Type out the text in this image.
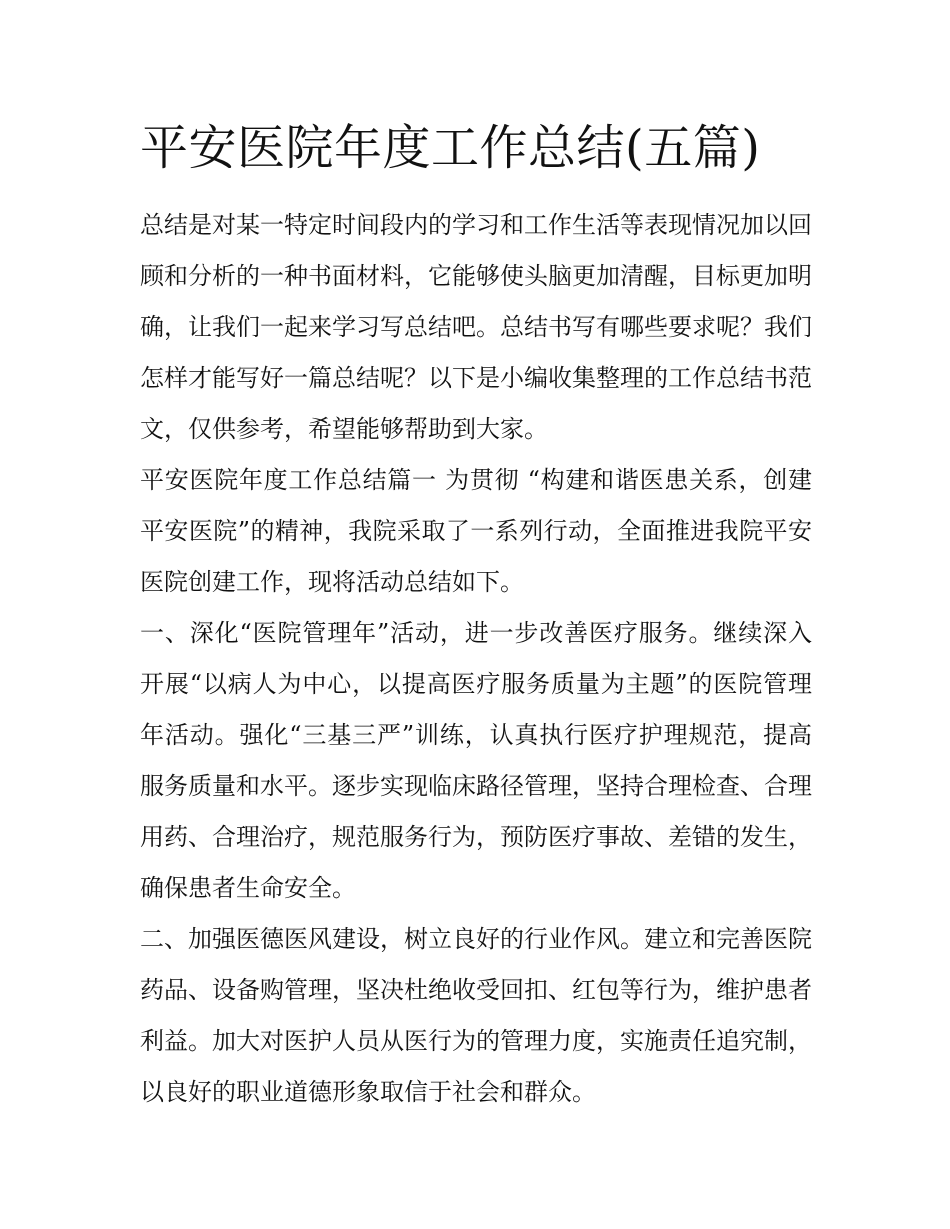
平安医院年度工作总结(五篇)

总结是对某一特定时间段内的学习和工作生活等表现情况加以回顾和分析的一种书面材料，它能够使头脑更加清醒，目标更加明确，让我们一起来学习写总结吧。总结书写有哪些要求呢？我们怎样才能写好一篇总结呢？以下是小编收集整理的工作总结书范文，仅供参考，希望能够帮助到大家。

平安医院年度工作总结篇一 为贯彻 “构建和谐医患关系，创建平安医院”的精神，我院采取了一系列行动，全面推进我院平安医院创建工作，现将活动总结如下。

一、深化“医院管理年”活动，进一步改善医疗服务。继续深入开展“以病人为中心，以提高医疗服务质量为主题”的医院管理年活动。强化“三基三严”训练，认真执行医疗护理规范，提高服务质量和水平。逐步实现临床路径管理，坚持合理检查、合理用药、合理治疗，规范服务行为，预防医疗事故、差错的发生，确保患者生命安全。

二、加强医德医风建设，树立良好的行业作风。建立和完善医院药品、设备购管理，坚决杜绝收受回扣、红包等行为，维护患者利益。加大对医护人员从医行为的管理力度，实施责任追究制，以良好的职业道德形象取信于社会和群众。
